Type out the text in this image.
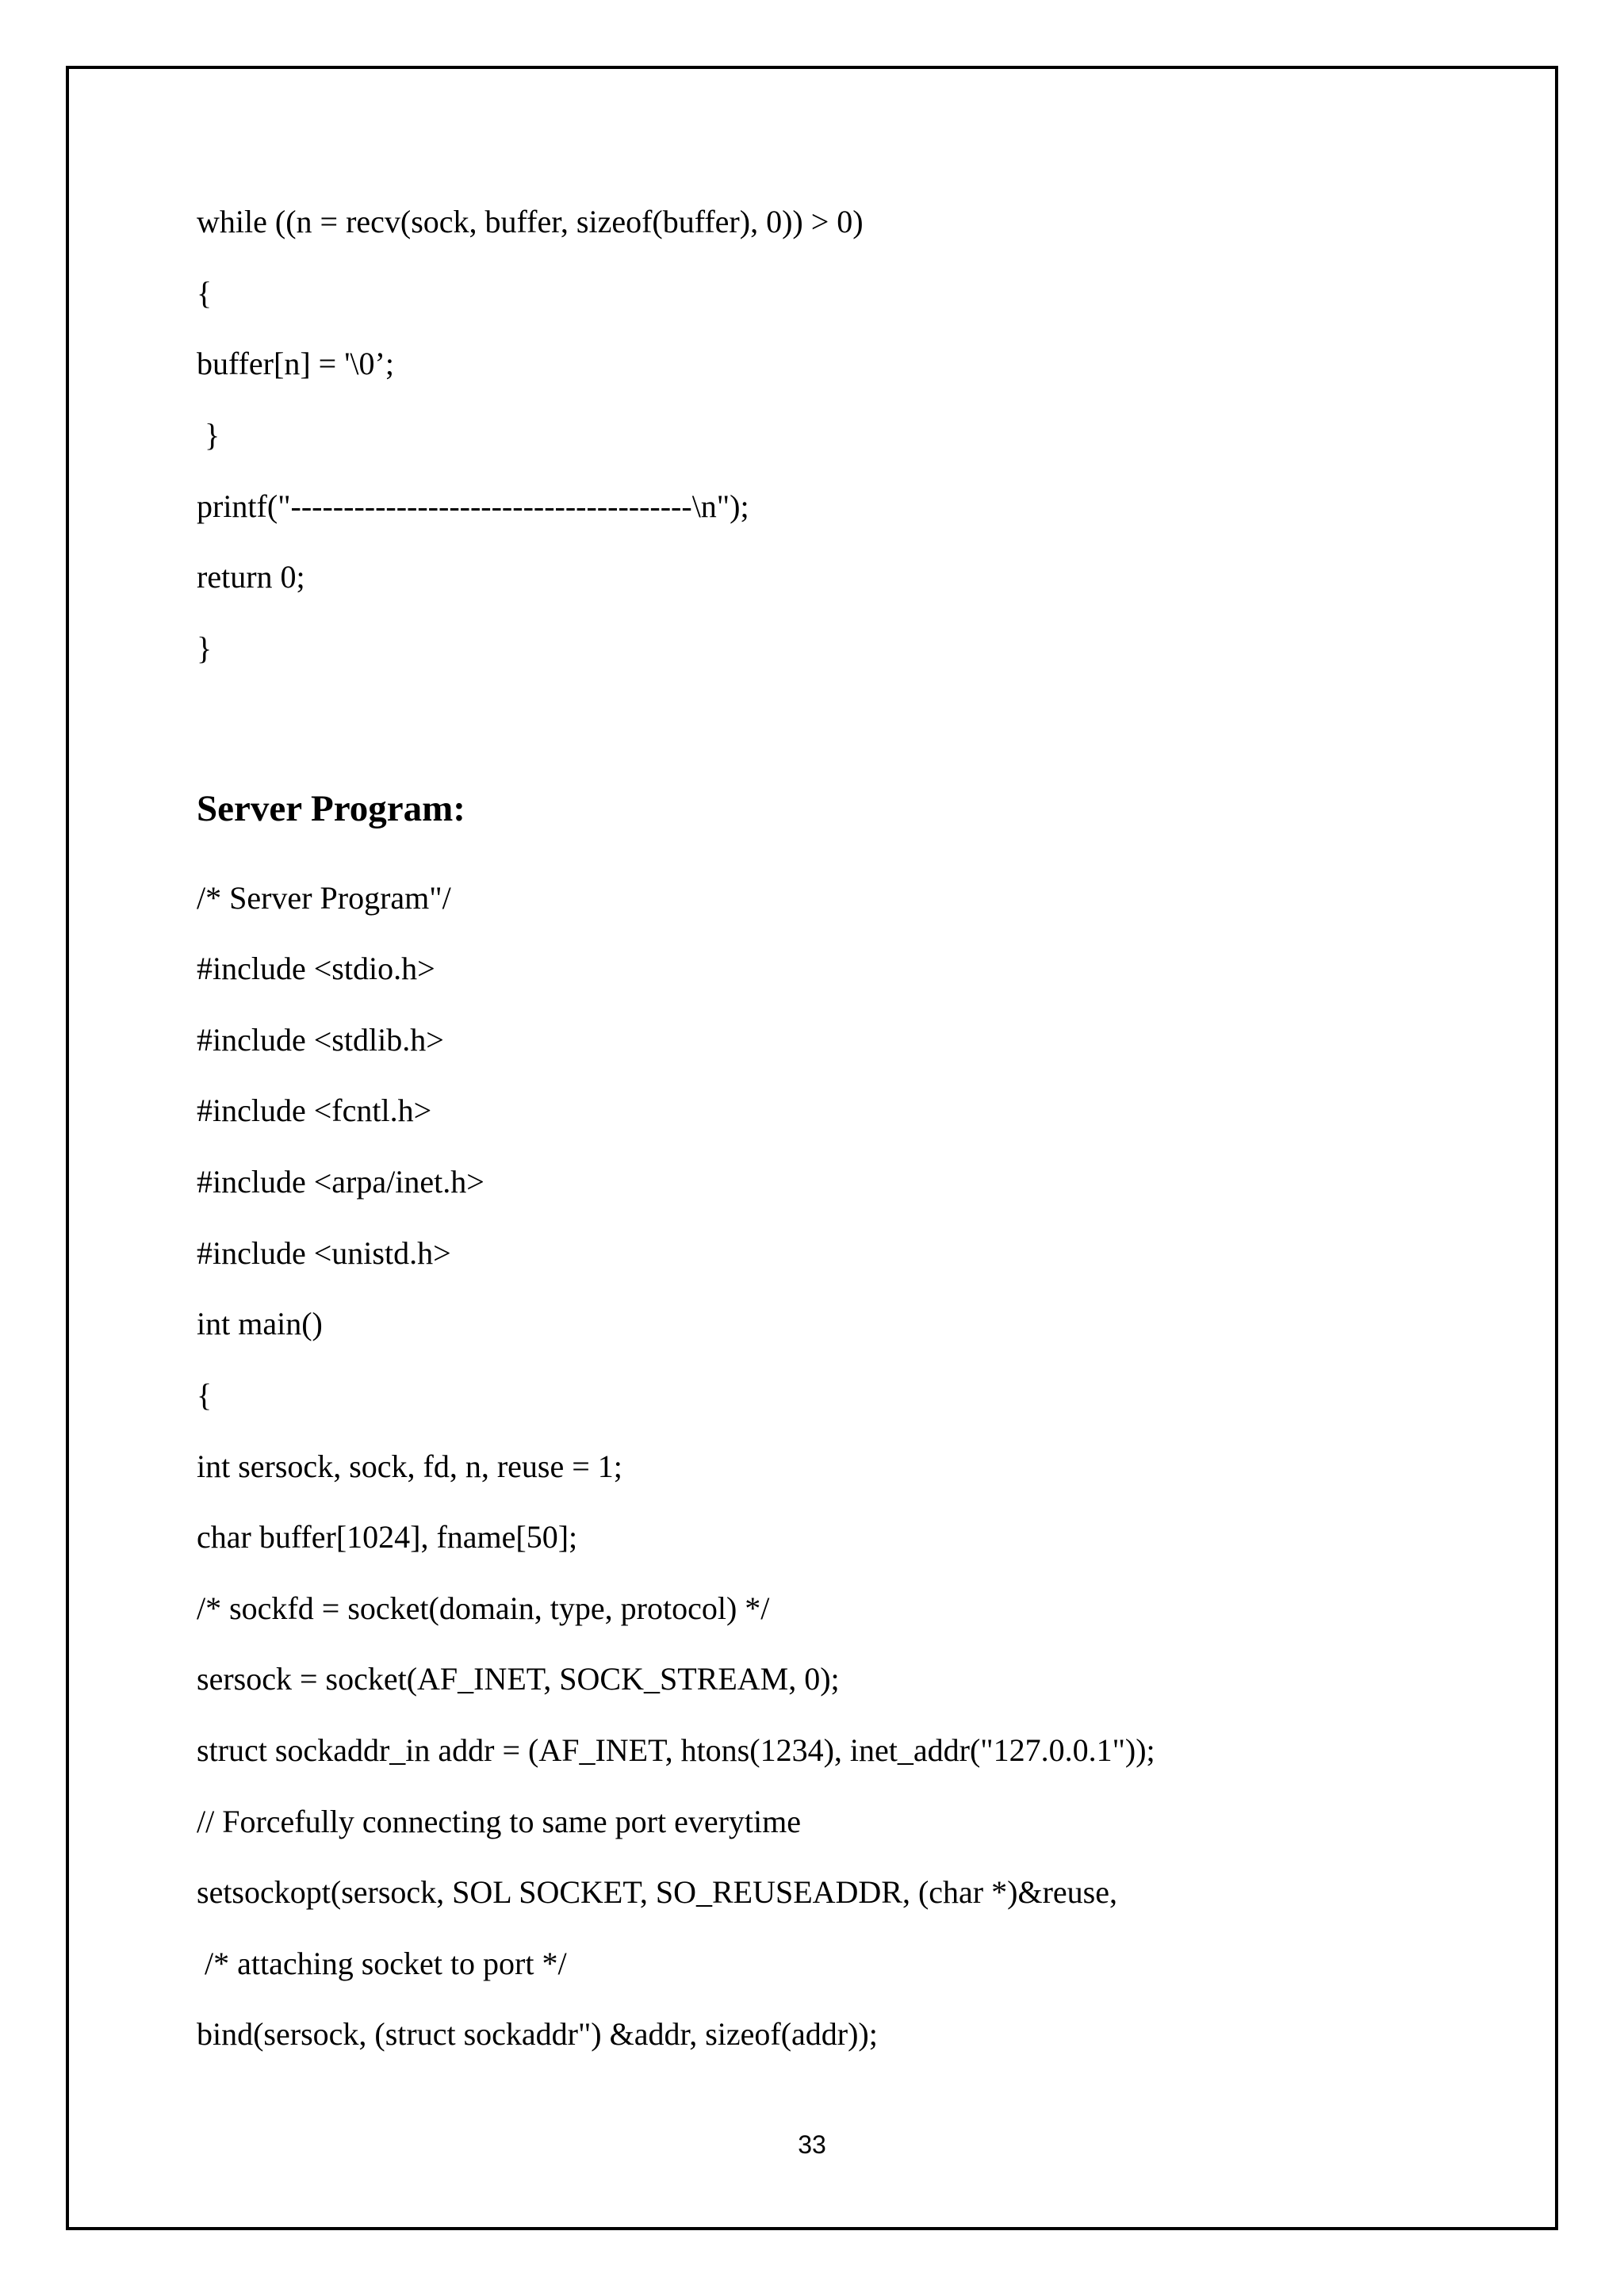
while ((n = recv(sock, buffer, sizeof(buffer), 0)) > 0)
{
buffer[n] = '\0’;
}
printf("--------------------------------------\n");
return 0;
}
Server Program:
/* Server Program"/
#include <stdio.h>
#include <stdlib.h>
#include <fcntl.h>
#include <arpa/inet.h>
#include <unistd.h>
int main()
{
int sersock, sock, fd, n, reuse = 1;
char buffer[1024], fname[50];
/* sockfd = socket(domain, type, protocol) */
sersock = socket(AF_INET, SOCK_STREAM, 0);
struct sockaddr_in addr = (AF_INET, htons(1234), inet_addr("127.0.0.1"));
// Forcefully connecting to same port everytime
setsockopt(sersock, SOL SOCKET, SO_REUSEADDR, (char *)&reuse,
/* attaching socket to port */
bind(sersock, (struct sockaddr") &addr, sizeof(addr));
33
